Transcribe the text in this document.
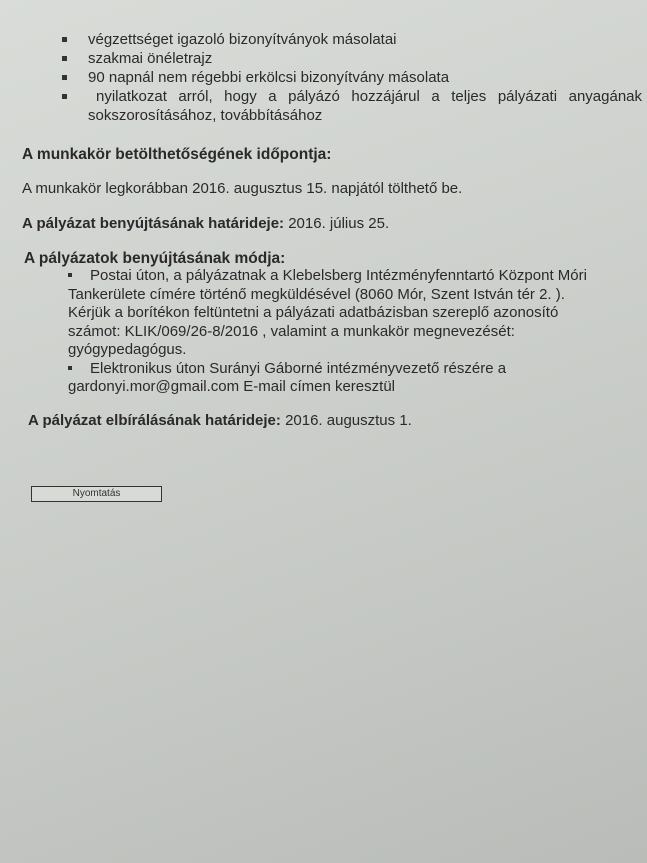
végzettséget igazoló bizonyítványok másolatai
szakmai önéletrajz
90 napnál nem régebbi erkölcsi bizonyítvány másolata
nyilatkozat arról, hogy a pályázó hozzájárul a teljes pályázati anyagának
sokszorosításához, továbbításához

A munkakör betölthetőségének időpontja:

A munkakör legkorábban 2016. augusztus 15. napjától tölthető be.

A pályázat benyújtásának határideje: 2016. július 25.

A pályázatok benyújtásának módja:

Postai úton, a pályázatnak a Klebelsberg Intézményfenntartó Központ Móri
Tankerülete címére történő megküldésével (8060 Mór, Szent István tér 2. ).
Kérjük a borítékon feltüntetni a pályázati adatbázisban szereplő azonosító
számot: KLIK/069/26-8/2016 , valamint a munkakör megnevezését:
gyógypedagógus.
Elektronikus úton Surányi Gáborné intézményvezető részére a
gardonyi.mor@gmail.com E-mail címen keresztül

A pályázat elbírálásának határideje: 2016. augusztus 1.

Nyomtatás
